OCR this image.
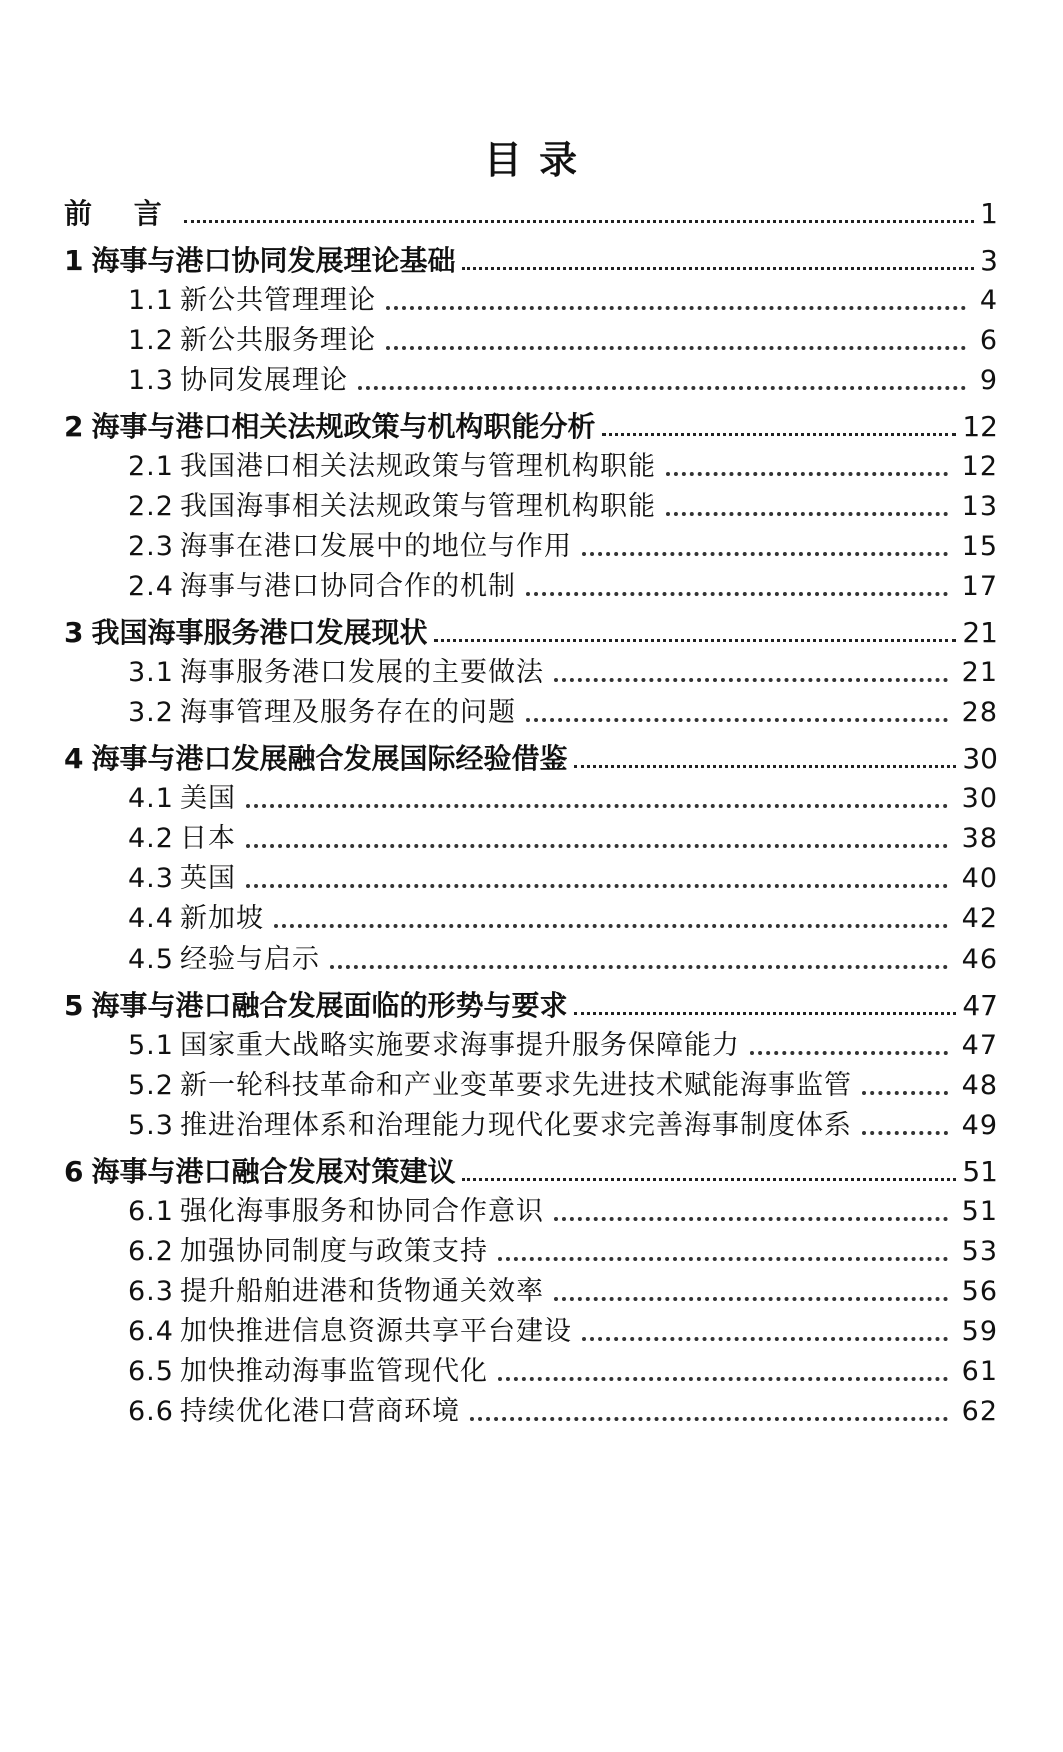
目 录
前 言	1
1 海事与港口协同发展理论基础	3
1.1 新公共管理理论	4
1.2 新公共服务理论	6
1.3 协同发展理论	9
2 海事与港口相关法规政策与机构职能分析	12
2.1 我国港口相关法规政策与管理机构职能	12
2.2 我国海事相关法规政策与管理机构职能	13
2.3 海事在港口发展中的地位与作用	15
2.4 海事与港口协同合作的机制	17
3 我国海事服务港口发展现状	21
3.1 海事服务港口发展的主要做法	21
3.2 海事管理及服务存在的问题	28
4 海事与港口发展融合发展国际经验借鉴	30
4.1 美国	30
4.2 日本	38
4.3 英国	40
4.4 新加坡	42
4.5 经验与启示	46
5 海事与港口融合发展面临的形势与要求	47
5.1 国家重大战略实施要求海事提升服务保障能力	47
5.2 新一轮科技革命和产业变革要求先进技术赋能海事监管	48
5.3 推进治理体系和治理能力现代化要求完善海事制度体系	49
6 海事与港口融合发展对策建议	51
6.1 强化海事服务和协同合作意识	51
6.2 加强协同制度与政策支持	53
6.3 提升船舶进港和货物通关效率	56
6.4 加快推进信息资源共享平台建设	59
6.5 加快推动海事监管现代化	61
6.6 持续优化港口营商环境	62
